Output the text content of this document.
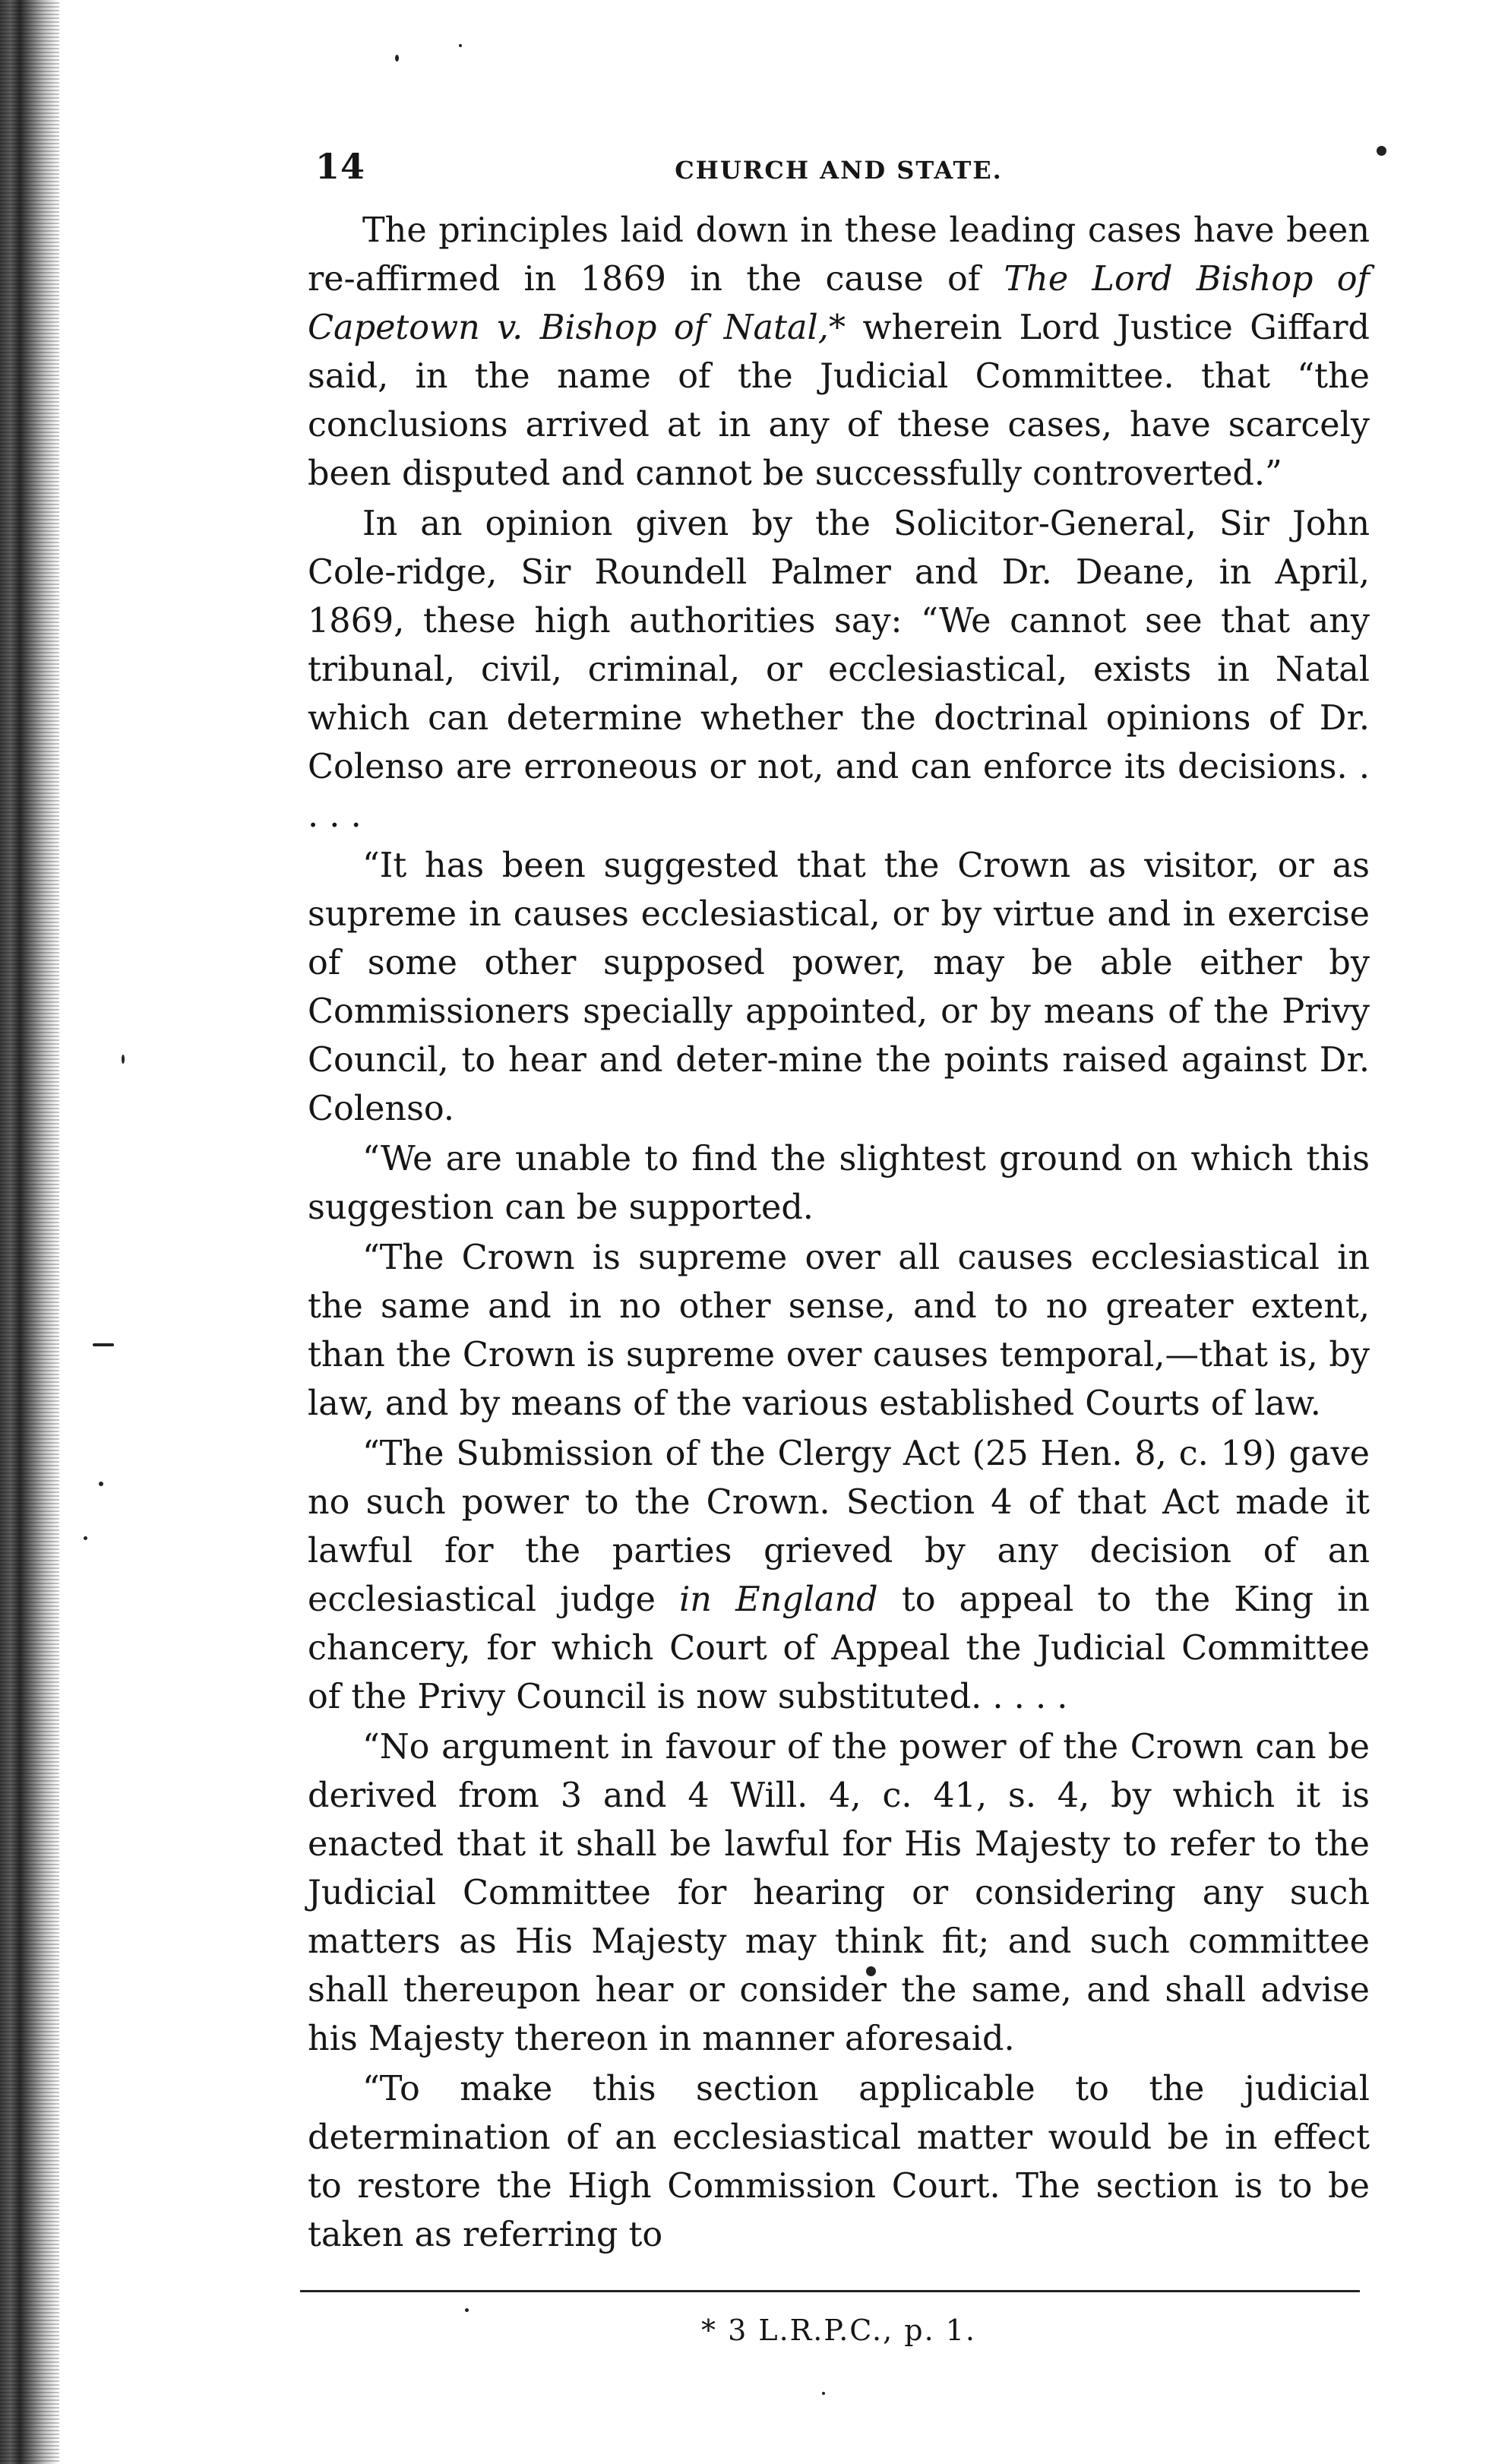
14	CHURCH AND STATE.

The principles laid down in these leading cases have been re-affirmed in 1869 in the cause of The Lord Bishop of Capetown v. Bishop of Natal,* wherein Lord Justice Giffard said, in the name of the Judicial Committee. that “the conclusions arrived at in any of these cases, have scarcely been disputed and cannot be successfully controverted.”

In an opinion given by the Solicitor-General, Sir John Cole-ridge, Sir Roundell Palmer and Dr. Deane, in April, 1869, these high authorities say: “We cannot see that any tribunal, civil, criminal, or ecclesiastical, exists in Natal which can determine whether the doctrinal opinions of Dr. Colenso are erroneous or not, and can enforce its decisions. . . . .

“It has been suggested that the Crown as visitor, or as supreme in causes ecclesiastical, or by virtue and in exercise of some other supposed power, may be able either by Commissioners specially appointed, or by means of the Privy Council, to hear and deter-mine the points raised against Dr. Colenso.

“We are unable to find the slightest ground on which this suggestion can be supported.

“The Crown is supreme over all causes ecclesiastical in the same and in no other sense, and to no greater extent, than the Crown is supreme over causes temporal,—that is, by law, and by means of the various established Courts of law.

“The Submission of the Clergy Act (25 Hen. 8, c. 19) gave no such power to the Crown. Section 4 of that Act made it lawful for the parties grieved by any decision of an ecclesiastical judge in England to appeal to the King in chancery, for which Court of Appeal the Judicial Committee of the Privy Council is now substituted. . . . .

“No argument in favour of the power of the Crown can be derived from 3 and 4 Will. 4, c. 41, s. 4, by which it is enacted that it shall be lawful for His Majesty to refer to the Judicial Committee for hearing or considering any such matters as His Majesty may think fit; and such committee shall thereupon hear or consider the same, and shall advise his Majesty thereon in manner aforesaid.

“To make this section applicable to the judicial determination of an ecclesiastical matter would be in effect to restore the High Commission Court. The section is to be taken as referring to

* 3 L.R.P.C., p. 1.
